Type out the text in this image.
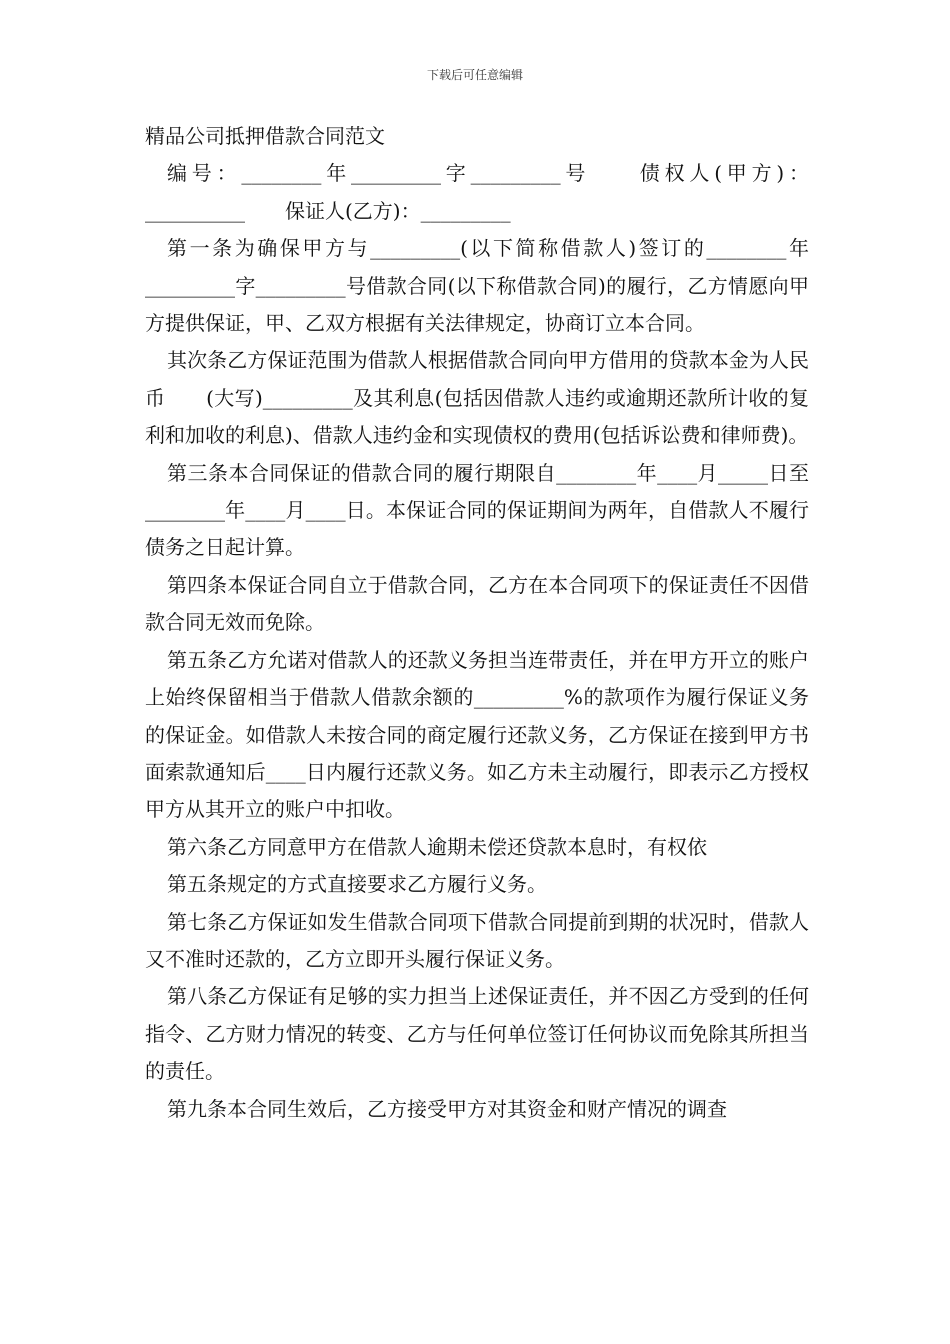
下载后可任意编辑

精品公司抵押借款合同范文

编号：________年_________字_________号　　债权人(甲方)：__________　　保证人(乙方)：_________

第一条为确保甲方与_________(以下简称借款人)签订的________年_________字_________号借款合同(以下称借款合同)的履行，乙方情愿向甲方提供保证，甲、乙双方根据有关法律规定，协商订立本合同。

其次条乙方保证范围为借款人根据借款合同向甲方借用的贷款本金为人民币　　(大写)_________及其利息(包括因借款人违约或逾期还款所计收的复利和加收的利息)、借款人违约金和实现债权的费用(包括诉讼费和律师费)。

第三条本合同保证的借款合同的履行期限自________年____月_____日至________年____月____日。本保证合同的保证期间为两年，自借款人不履行债务之日起计算。

第四条本保证合同自立于借款合同，乙方在本合同项下的保证责任不因借款合同无效而免除。

第五条乙方允诺对借款人的还款义务担当连带责任，并在甲方开立的账户上始终保留相当于借款人借款余额的_________%的款项作为履行保证义务的保证金。如借款人未按合同的商定履行还款义务，乙方保证在接到甲方书面索款通知后____日内履行还款义务。如乙方未主动履行，即表示乙方授权甲方从其开立的账户中扣收。

第六条乙方同意甲方在借款人逾期未偿还贷款本息时，有权依

第五条规定的方式直接要求乙方履行义务。

第七条乙方保证如发生借款合同项下借款合同提前到期的状况时，借款人又不准时还款的，乙方立即开头履行保证义务。

第八条乙方保证有足够的实力担当上述保证责任，并不因乙方受到的任何指令、乙方财力情况的转变、乙方与任何单位签订任何协议而免除其所担当的责任。

第九条本合同生效后，乙方接受甲方对其资金和财产情况的调查
